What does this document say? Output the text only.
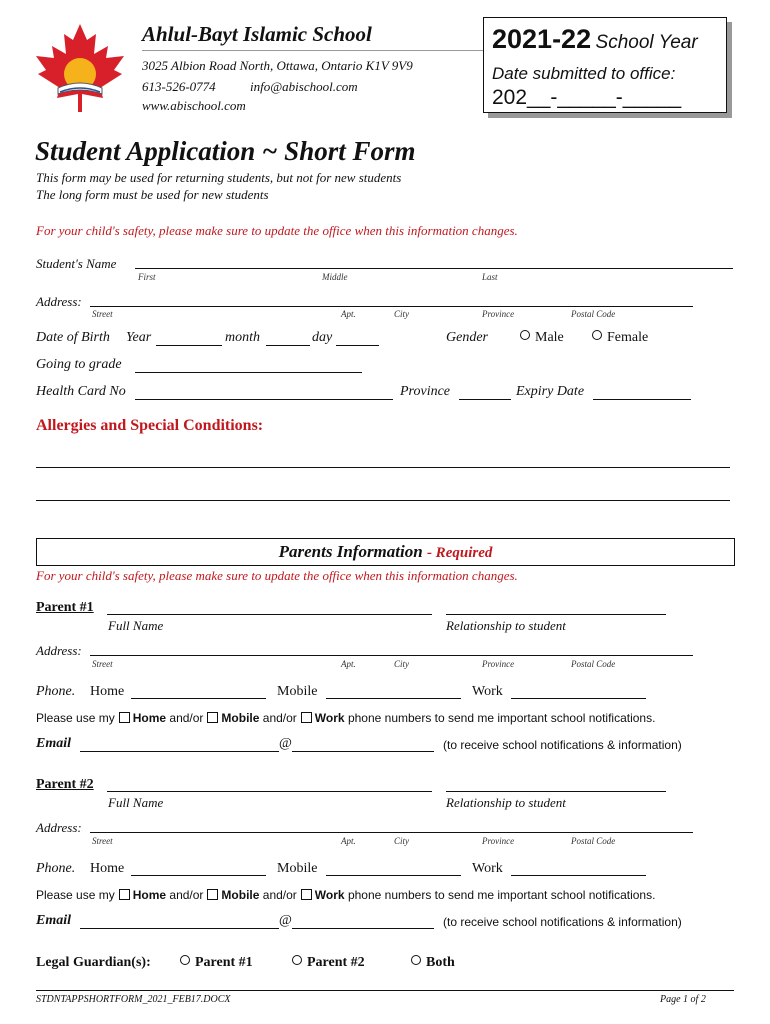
Ahlul-Bayt Islamic School
3025 Albion Road North, Ottawa, Ontario K1V 9V9
613-526-0774	info@abischool.com
www.abischool.com
2021-22 School Year
Date submitted to office:
202__-_____-_____
Student Application ~ Short Form
This form may be used for returning students, but not for new students
The long form must be used for new students
For your child's safety, please make sure to update the office when this information changes.
Student's Name
First	Middle	Last
Address:
Street	Apt.	City	Province	Postal Code
Date of Birth Year	month	day	Gender	Male	Female
Going to grade
Health Card No	Province	Expiry Date
Allergies and Special Conditions:
Parents Information - Required
For your child's safety, please make sure to update the office when this information changes.
Parent #1
Full Name	Relationship to student
Address:
Street	Apt.	City	Province	Postal Code
Phone. Home	Mobile	Work
Please use my Home and/or Mobile and/or Work phone numbers to send me important school notifications.
Email	@	(to receive school notifications & information)
Parent #2
Full Name	Relationship to student
Address:
Street	Apt.	City	Province	Postal Code
Phone. Home	Mobile	Work
Please use my Home and/or Mobile and/or Work phone numbers to send me important school notifications.
Email	@	(to receive school notifications & information)
Legal Guardian(s):	Parent #1	Parent #2	Both
STDNTAPPSHORTFORM_2021_FEB17.DOCX	Page 1 of 2
